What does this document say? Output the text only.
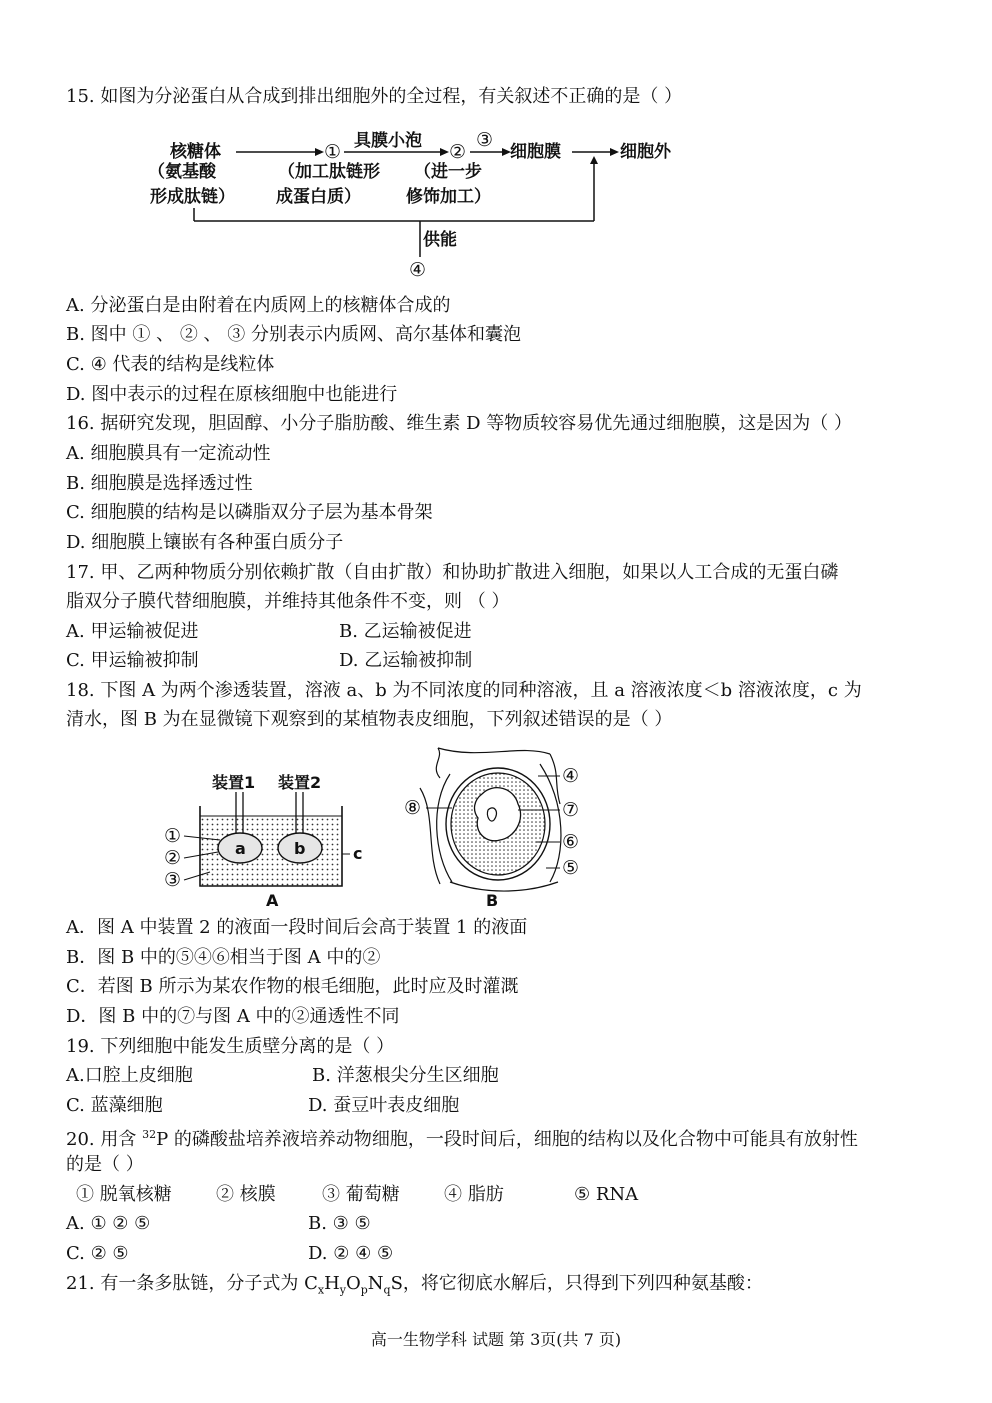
15. 如图为分泌蛋白从合成到排出细胞外的全过程，有关叙述不正确的是（ ）
核糖体
（氨基酸
形成肽链）
① 具膜小泡 ②
（加工肽链形
成蛋白质）
③
细胞膜
（进一步
修饰加工）
细胞外
供能
④
A. 分泌蛋白是由附着在内质网上的核糖体合成的
B. 图中 ① 、 ② 、 ③ 分别表示内质网、高尔基体和囊泡
C. ④ 代表的结构是线粒体
D. 图中表示的过程在原核细胞中也能进行
16. 据研究发现，胆固醇、小分子脂肪酸、维生素 D 等物质较容易优先通过细胞膜，这是因为（ ）
A. 细胞膜具有一定流动性
B. 细胞膜是选择透过性
C. 细胞膜的结构是以磷脂双分子层为基本骨架
D. 细胞膜上镶嵌有各种蛋白质分子
17. 甲、乙两种物质分别依赖扩散（自由扩散）和协助扩散进入细胞，如果以人工合成的无蛋白磷
脂双分子膜代替细胞膜，并维持其他条件不变，则 （ ）
A. 甲运输被促进	B. 乙运输被促进
C. 甲运输被抑制	D. 乙运输被抑制
18. 下图 A 为两个渗透装置，溶液 a、b 为不同浓度的同种溶液，且 a 溶液浓度＜b 溶液浓度，c 为
清水，图 B 为在显微镜下观察到的某植物表皮细胞，下列叙述错误的是（ ）
装置1 装置2
a	b	c
①
②
③
A
⑧
④
⑦
⑥
⑤
B
A．图 A 中装置 2 的液面一段时间后会高于装置 1 的液面
B．图 B 中的⑤④⑥相当于图 A 中的②
C．若图 B 所示为某农作物的根毛细胞，此时应及时灌溉
D．图 B 中的⑦与图 A 中的②通透性不同
19. 下列细胞中能发生质壁分离的是（ ）
A.口腔上皮细胞	B. 洋葱根尖分生区细胞
C. 蓝藻细胞	D. 蚕豆叶表皮细胞
20. 用含 $^{32}$P 的磷酸盐培养液培养动物细胞，一段时间后，细胞的结构以及化合物中可能具有放射性
的是（ ）
① 脱氧核糖 ② 核膜	③ 葡萄糖 ④ 脂肪	⑤ RNA
A. ① ② ⑤	B. ③ ⑤
C. ② ⑤	D. ② ④ ⑤
21. 有一条多肽链，分子式为 $C_xH_yO_pN_qS$，将它彻底水解后，只得到下列四种氨基酸：
高一生物学科 试题 第 3页(共 7 页)
